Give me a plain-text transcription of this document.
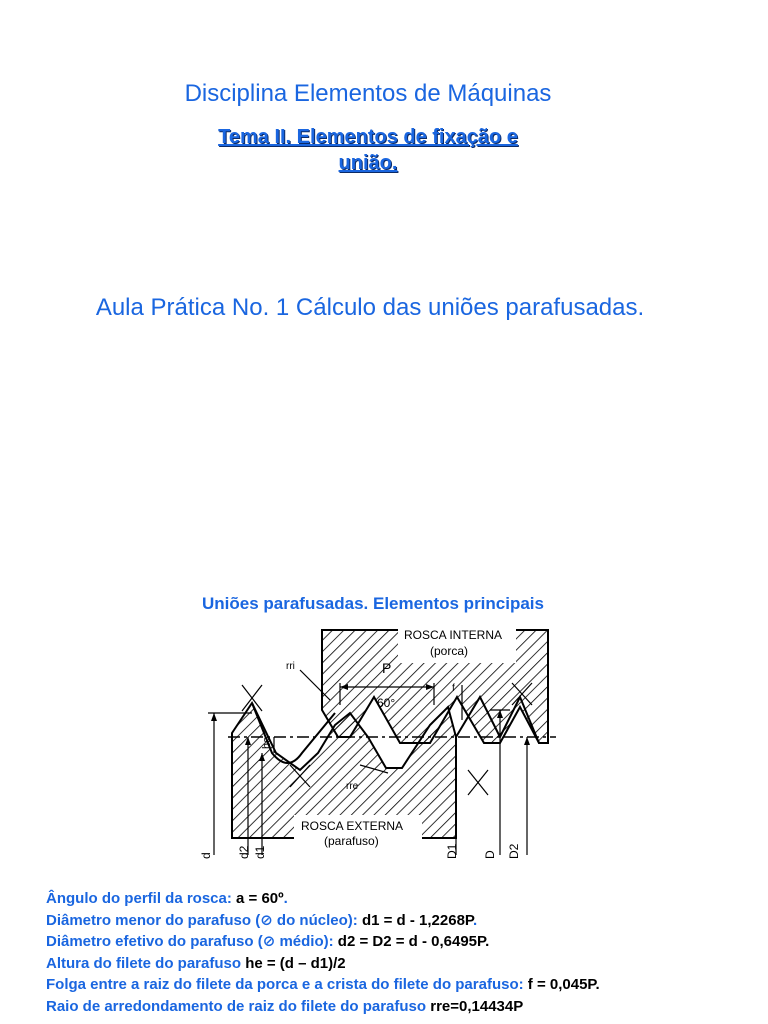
Disciplina Elementos de Máquinas
Tema II. Elementos de fixação e
união.
Aula Prática No. 1 Cálculo das uniões parafusadas.
Uniões parafusadas. Elementos principais
ROSCA INTERNA
(porca)
ROSCA EXTERNA
(parafuso)
P
60°
rri
rre
f
he
d d2 d1	D1 D D2
Ângulo do perfil da rosca: a = 60º.
Diâmetro menor do parafuso (⊘ do núcleo): d1 = d - 1,2268P.
Diâmetro efetivo do parafuso (⊘ médio): d2 = D2 = d - 0,6495P.
Altura do filete do parafuso he = (d – d1)/2
Folga entre a raiz do filete da porca e a crista do filete do parafuso: f = 0,045P.
Raio de arredondamento de raiz do filete do parafuso rre=0,14434P
